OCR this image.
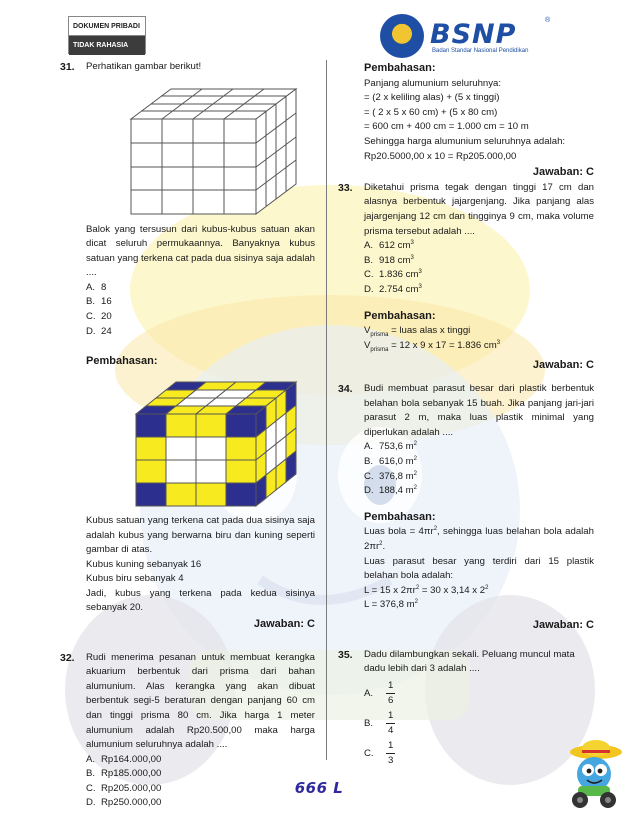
DOKUMEN PRIBADI
TIDAK RAHASIA	BSNP	®
Badan Standar Nasional Pendidikan
31. Perhatikan gambar berikut!
Balok yang tersusun dari kubus-kubus satuan akan dicat seluruh permukaannya. Banyaknya kubus satuan yang terkena cat pada dua sisinya saja adalah ....
A. 8
B. 16
C. 20
D. 24
Pembahasan:
Kubus satuan yang terkena cat pada dua sisinya saja adalah kubus yang berwarna biru dan kuning seperti gambar di atas.
Kubus kuning sebanyak 16
Kubus biru sebanyak 4
Jadi, kubus yang terkena pada kedua sisinya sebanyak 20.
Jawaban: C
32. Rudi menerima pesanan untuk membuat kerangka akuarium berbentuk dari prisma dari bahan alumunium. Alas kerangka yang akan dibuat berbentuk segi-5 beraturan dengan panjang 60 cm dan tinggi prisma 80 cm. Jika harga 1 meter alumunium adalah Rp20.500,00 maka harga alumunium seluruhnya adalah ....
A. Rp164.000,00
B. Rp185.000,00
C. Rp205.000,00
D. Rp250.000,00
Pembahasan:
Panjang alumunium seluruhnya:
= (2 x keliling alas) + (5 x tinggi)
= ( 2 x 5 x 60 cm) + (5 x 80 cm)
= 600 cm + 400 cm = 1.000 cm = 10 m
Sehingga harga alumunium seluruhnya adalah:
Rp20.5000,00 x 10 = Rp205.000,00
Jawaban: C
33. Diketahui prisma tegak dengan tinggi 17 cm dan alasnya berbentuk jajargenjang. Jika panjang alas jajargenjang 12 cm dan tingginya 9 cm, maka volume prisma tersebut adalah ....
A. 612 $cm^3$
B. 918 $cm^3$
C. 1.836 $cm^3$
D. 2.754 $cm^3$
Pembahasan:
$V_{prisma}$ = luas alas x tinggi
$V_{prisma} = 12$ x 9 x 17 = 1.836 $cm^3$
Jawaban: C
34. Budi membuat parasut besar dari plastik berbentuk belahan bola sebanyak 15 buah. Jika panjang jari-jari parasut 2 m, maka luas plastik minimal yang diperlukan adalah ....
A. 753,6 $m^2$
B. 616,0 $m^2$
C. 376,8 $m^2$
D. 188,4 $m^2$
Pembahasan:
Luas bola = $4\pi r^2$, sehingga luas belahan bola adalah $2\pi r^2$.
Luas parasut besar yang terdiri dari 15 plastik belahan bola adalah:
L = 15 x $2\pi r^2 = 30$ x 3,14 x $2^2$
L = 376,8 $m^2$
Jawaban: C
35. Dadu dilambungkan sekali. Peluang muncul mata dadu lebih dari 3 adalah ....
A.	$\frac{1}{6}$
B.	$\frac{1}{4}$
C.	$\frac{1}{3}$
666 L
